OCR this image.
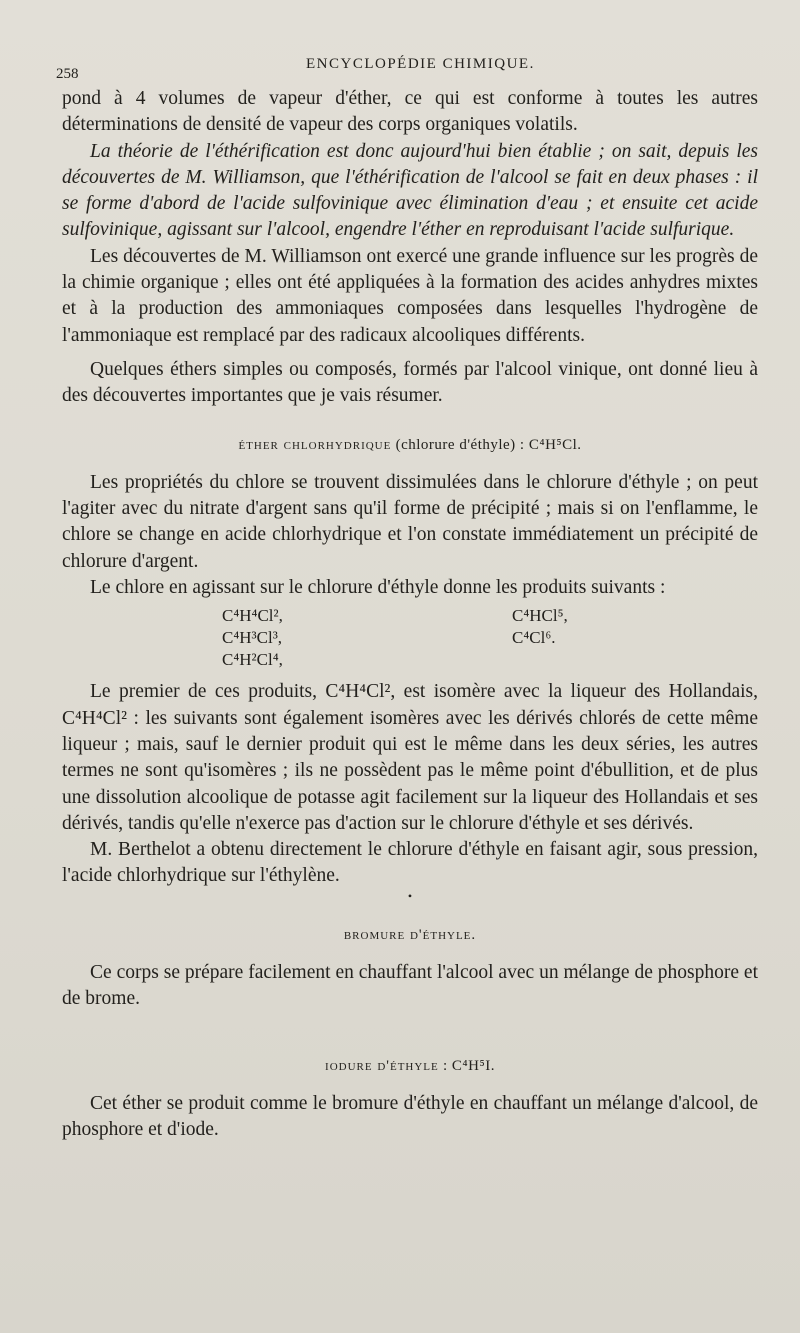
258
ENCYCLOPÉDIE CHIMIQUE.

pond à 4 volumes de vapeur d'éther, ce qui est conforme à toutes les autres déterminations de densité de vapeur des corps organiques volatils.

La théorie de l'éthérification est donc aujourd'hui bien établie ; on sait, depuis les découvertes de M. Williamson, que l'éthérification de l'alcool se fait en deux phases : il se forme d'abord de l'acide sulfovinique avec élimination d'eau ; et ensuite cet acide sulfovinique, agissant sur l'alcool, engendre l'éther en reproduisant l'acide sulfurique.

Les découvertes de M. Williamson ont exercé une grande influence sur les progrès de la chimie organique ; elles ont été appliquées à la formation des acides anhydres mixtes et à la production des ammoniaques composées dans lesquelles l'hydrogène de l'ammoniaque est remplacé par des radicaux alcooliques différents.

Quelques éthers simples ou composés, formés par l'alcool vinique, ont donné lieu à des découvertes importantes que je vais résumer.

éther chlorhydrique (chlorure d'éthyle) : C⁴H⁵Cl.

Les propriétés du chlore se trouvent dissimulées dans le chlorure d'éthyle ; on peut l'agiter avec du nitrate d'argent sans qu'il forme de précipité ; mais si on l'enflamme, le chlore se change en acide chlorhydrique et l'on constate immédiatement un précipité de chlorure d'argent.

Le chlore en agissant sur le chlorure d'éthyle donne les produits suivants :

C⁴H⁴Cl²,
C⁴H³Cl³,
C⁴H²Cl⁴,
C⁴HCl⁵,
C⁴Cl⁶.

Le premier de ces produits, C⁴H⁴Cl², est isomère avec la liqueur des Hollandais, C⁴H⁴Cl² : les suivants sont également isomères avec les dérivés chlorés de cette même liqueur ; mais, sauf le dernier produit qui est le même dans les deux séries, les autres termes ne sont qu'isomères ; ils ne possèdent pas le même point d'ébullition, et de plus une dissolution alcoolique de potasse agit facilement sur la liqueur des Hollandais et ses dérivés, tandis qu'elle n'exerce pas d'action sur le chlorure d'éthyle et ses dérivés.

M. Berthelot a obtenu directement le chlorure d'éthyle en faisant agir, sous pression, l'acide chlorhydrique sur l'éthylène.

•
bromure d'éthyle.

Ce corps se prépare facilement en chauffant l'alcool avec un mélange de phosphore et de brome.

iodure d'éthyle : C⁴H⁵I.

Cet éther se produit comme le bromure d'éthyle en chauffant un mélange d'alcool, de phosphore et d'iode.
